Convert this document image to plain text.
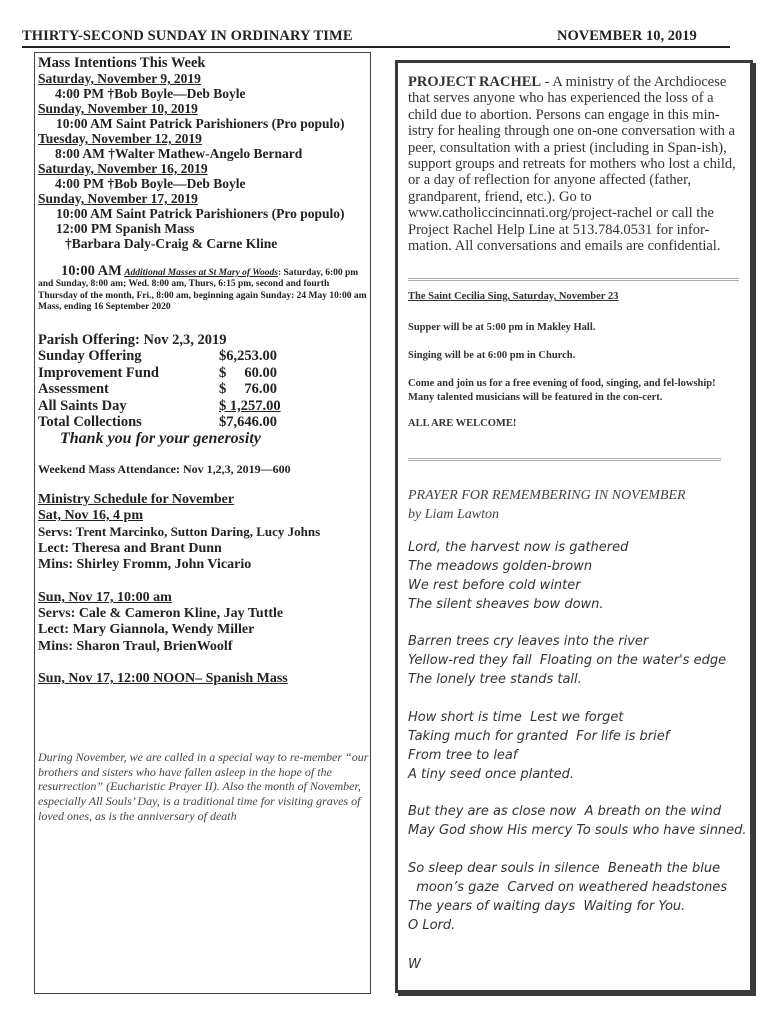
THIRTY-SECOND SUNDAY IN ORDINARY TIME	NOVEMBER 10, 2019
Mass Intentions This Week
Saturday, November 9, 2019
4:00 PM †Bob Boyle—Deb Boyle
Sunday, November 10, 2019
10:00 AM Saint Patrick Parishioners (Pro populo)
Tuesday, November 12, 2019
8:00 AM †Walter Mathew-Angelo Bernard
Saturday, November 16, 2019
4:00 PM †Bob Boyle—Deb Boyle
Sunday, November 17, 2019
10:00 AM Saint Patrick Parishioners (Pro populo)
12:00 PM Spanish Mass
†Barbara Daly-Craig & Carne Kline
10:00 AM Additional Masses at St Mary of Woods: Saturday, 6:00 pm and Sunday, 8:00 am; Wed. 8:00 am, Thurs, 6:15 pm, second and fourth Thursday of the month, Fri., 8:00 am, beginning again Sunday: 24 May 10:00 am Mass, ending 16 September 2020
Parish Offering: Nov 2,3, 2019
Sunday Offering	$6,253.00
Improvement Fund	$     60.00
Assessment	$     76.00
All Saints Day	$ 1,257.00
Total Collections	$7,646.00
Thank you for your generosity
Weekend Mass Attendance: Nov 1,2,3, 2019—600
Ministry Schedule for November
Sat, Nov 16, 4 pm
Servs: Trent Marcinko, Sutton Daring, Lucy Johns
Lect: Theresa and Brant Dunn
Mins: Shirley Fromm, John Vicario
Sun, Nov 17, 10:00 am
Servs: Cale & Cameron Kline, Jay Tuttle
Lect: Mary Giannola, Wendy Miller
Mins: Sharon Traul, BrienWoolf
Sun, Nov 17, 12:00 NOON– Spanish Mass
During November, we are called in a special way to re-member “our brothers and sisters who have fallen asleep in the hope of the resurrection” (Eucharistic Prayer II). Also the month of November, especially All Souls’ Day, is a traditional time for visiting graves of loved ones, as is the anniversary of death
PROJECT RACHEL - A ministry of the Archdiocese that serves anyone who has experienced the loss of a child due to abortion. Persons can engage in this min-istry for healing through one on-one conversation with a peer, consultation with a priest (including in Span-ish), support groups and retreats for mothers who lost a child, or a day of reflection for anyone affected (father, grandparent, friend, etc.). Go to www.catholiccincinnati.org/project-rachel or call the Project Rachel Help Line at 513.784.0531 for infor-mation. All conversations and emails are confidential.
The Saint Cecilia Sing, Saturday, November 23
Supper will be at 5:00 pm in Makley Hall.
Singing will be at 6:00 pm in Church.
Come and join us for a free evening of food, singing, and fel-lowship! Many talented musicians will be featured in the con-cert.
ALL ARE WELCOME!
PRAYER FOR REMEMBERING IN NOVEMBER
by Liam Lawton
Lord, the harvest now is gathered
The meadows golden-brown
We rest before cold winter
The silent sheaves bow down.
Barren trees cry leaves into the river
Yellow-red they fall  Floating on the water's edge
The lonely tree stands tall.
How short is time  Lest we forget
Taking much for granted  For life is brief
From tree to leaf
A tiny seed once planted.
But they are as close now  A breath on the wind
May God show His mercy To souls who have sinned.
So sleep dear souls in silence  Beneath the blue
moon’s gaze  Carved on weathered headstones
The years of waiting days  Waiting for You.
O Lord.
W
